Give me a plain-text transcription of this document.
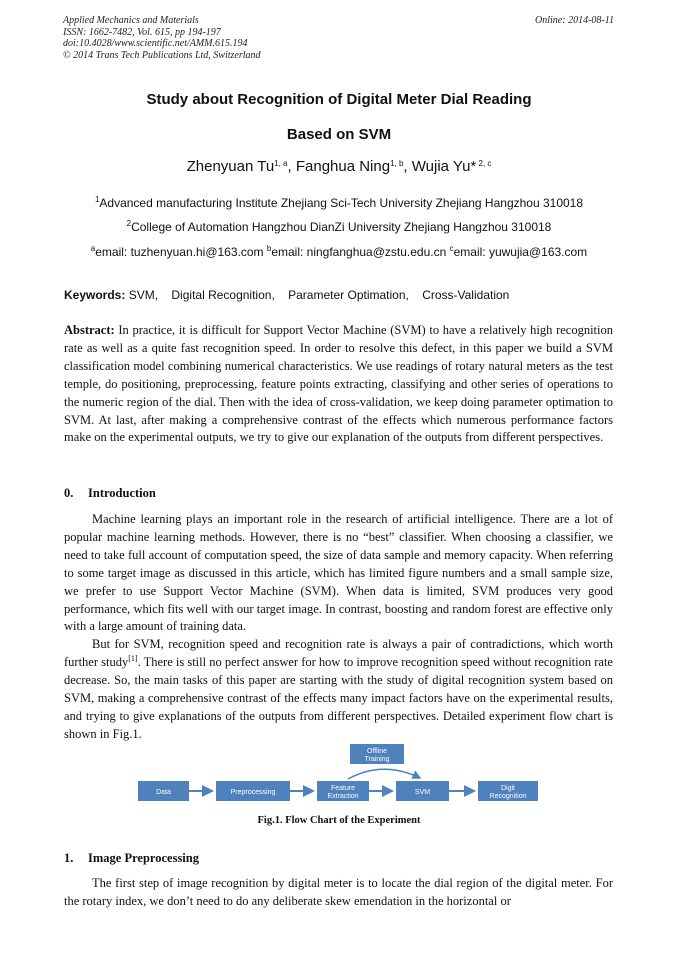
Applied Mechanics and Materials
ISSN: 1662-7482, Vol. 615, pp 194-197
doi:10.4028/www.scientific.net/AMM.615.194
© 2014 Trans Tech Publications Ltd, Switzerland
Online: 2014-08-11
Study about Recognition of Digital Meter Dial Reading
Based on SVM
Zhenyuan Tu$^{1, a}$, Fanghua Ning$^{1, b}$, Wujia Yu* $^{2, c}$
$^1$Advanced manufacturing Institute Zhejiang Sci-Tech University Zhejiang Hangzhou 310018
$^2$College of Automation Hangzhou DianZi University Zhejiang Hangzhou 310018
$^a$email: tuzhenyuan.hi@163.com $^b$email: ningfanghua@zstu.edu.cn $^c$email: yuwujia@163.com
Keywords: SVM, Digital Recognition, Parameter Optimation, Cross-Validation
Abstract: In practice, it is difficult for Support Vector Machine (SVM) to have a relatively high recognition rate as well as a quite fast recognition speed. In order to resolve this defect, in this paper we build a SVM classification model combining numerical characteristics. We use readings of rotary natural meters as the test temple, do positioning, preprocessing, feature points extracting, classifying and other series of operations to the numeric region of the dial. Then with the idea of cross-validation, we keep doing parameter optimation to SVM. At last, after making a comprehensive contrast of the effects which numerous performance factors make on the experimental outputs, we try to give our explanation of the outputs from different perspectives.
0. Introduction
Machine learning plays an important role in the research of artificial intelligence. There are a lot of popular machine learning methods. However, there is no “best” classifier. When choosing a classifier, we need to take full account of computation speed, the size of data sample and memory capacity. When referring to some target image as discussed in this article, which has limited figure numbers and a small sample size, we prefer to use Support Vector Machine (SVM). When data is limited, SVM produces very good performance, which fits well with our target image. In contrast, boosting and random forest are effective only with a large amount of training data.
But for SVM, recognition speed and recognition rate is always a pair of contradictions, which worth further study[1]. There is still no perfect answer for how to improve recognition speed without recognition rate decrease. So, the main tasks of this paper are starting with the study of digital recognition system based on SVM, making a comprehensive contrast of the effects many impact factors have on the experimental results, and trying to give explanations of the outputs from different perspectives. Detailed experiment flow chart is shown in Fig.1.
Offline
Training
Data	Preprocessing
Feature
Extraction
SVM
Digit
Recognition
Fig.1. Flow Chart of the Experiment
1. Image Preprocessing
The first step of image recognition by digital meter is to locate the dial region of the digital meter. For the rotary index, we don’t need to do any deliberate skew emendation in the horizontal or
